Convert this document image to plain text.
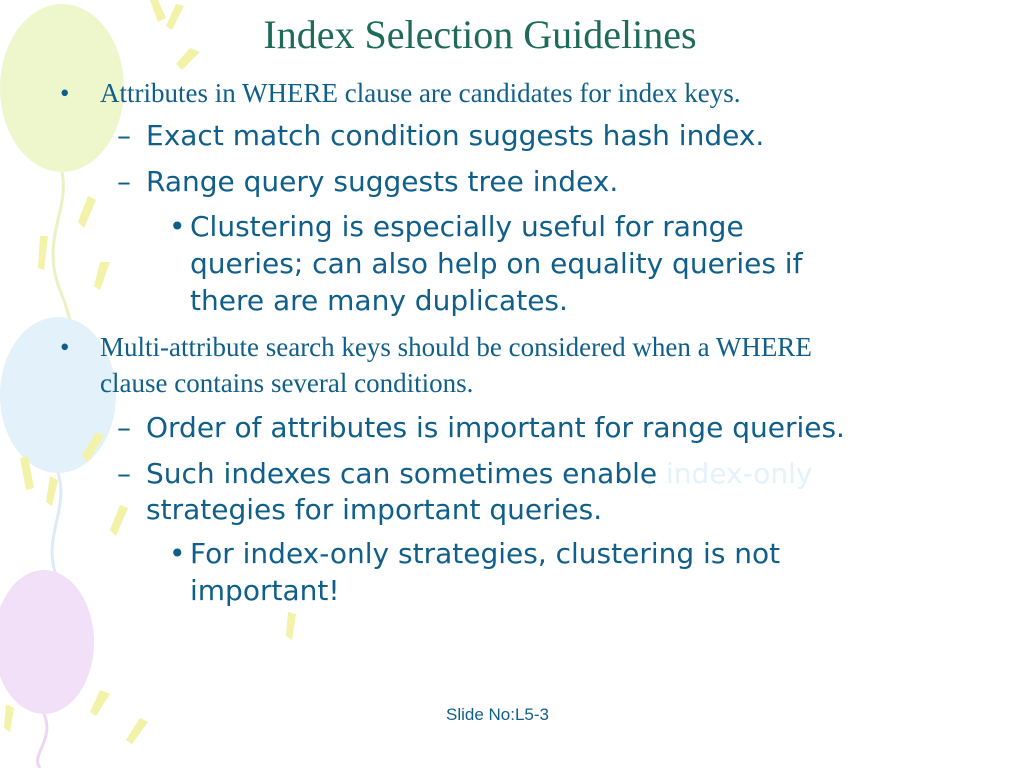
Index Selection Guidelines
• Attributes in WHERE clause are candidates for index keys.
– Exact match condition suggests hash index.
– Range query suggests tree index.
• Clustering is especially useful for range
queries; can also help on equality queries if
there are many duplicates.
• Multi-attribute search keys should be considered when a WHERE
clause contains several conditions.
– Order of attributes is important for range queries.
– Such indexes can sometimes enable index-only
strategies for important queries.
• For index-only strategies, clustering is not
important!
Slide No:L5-3
